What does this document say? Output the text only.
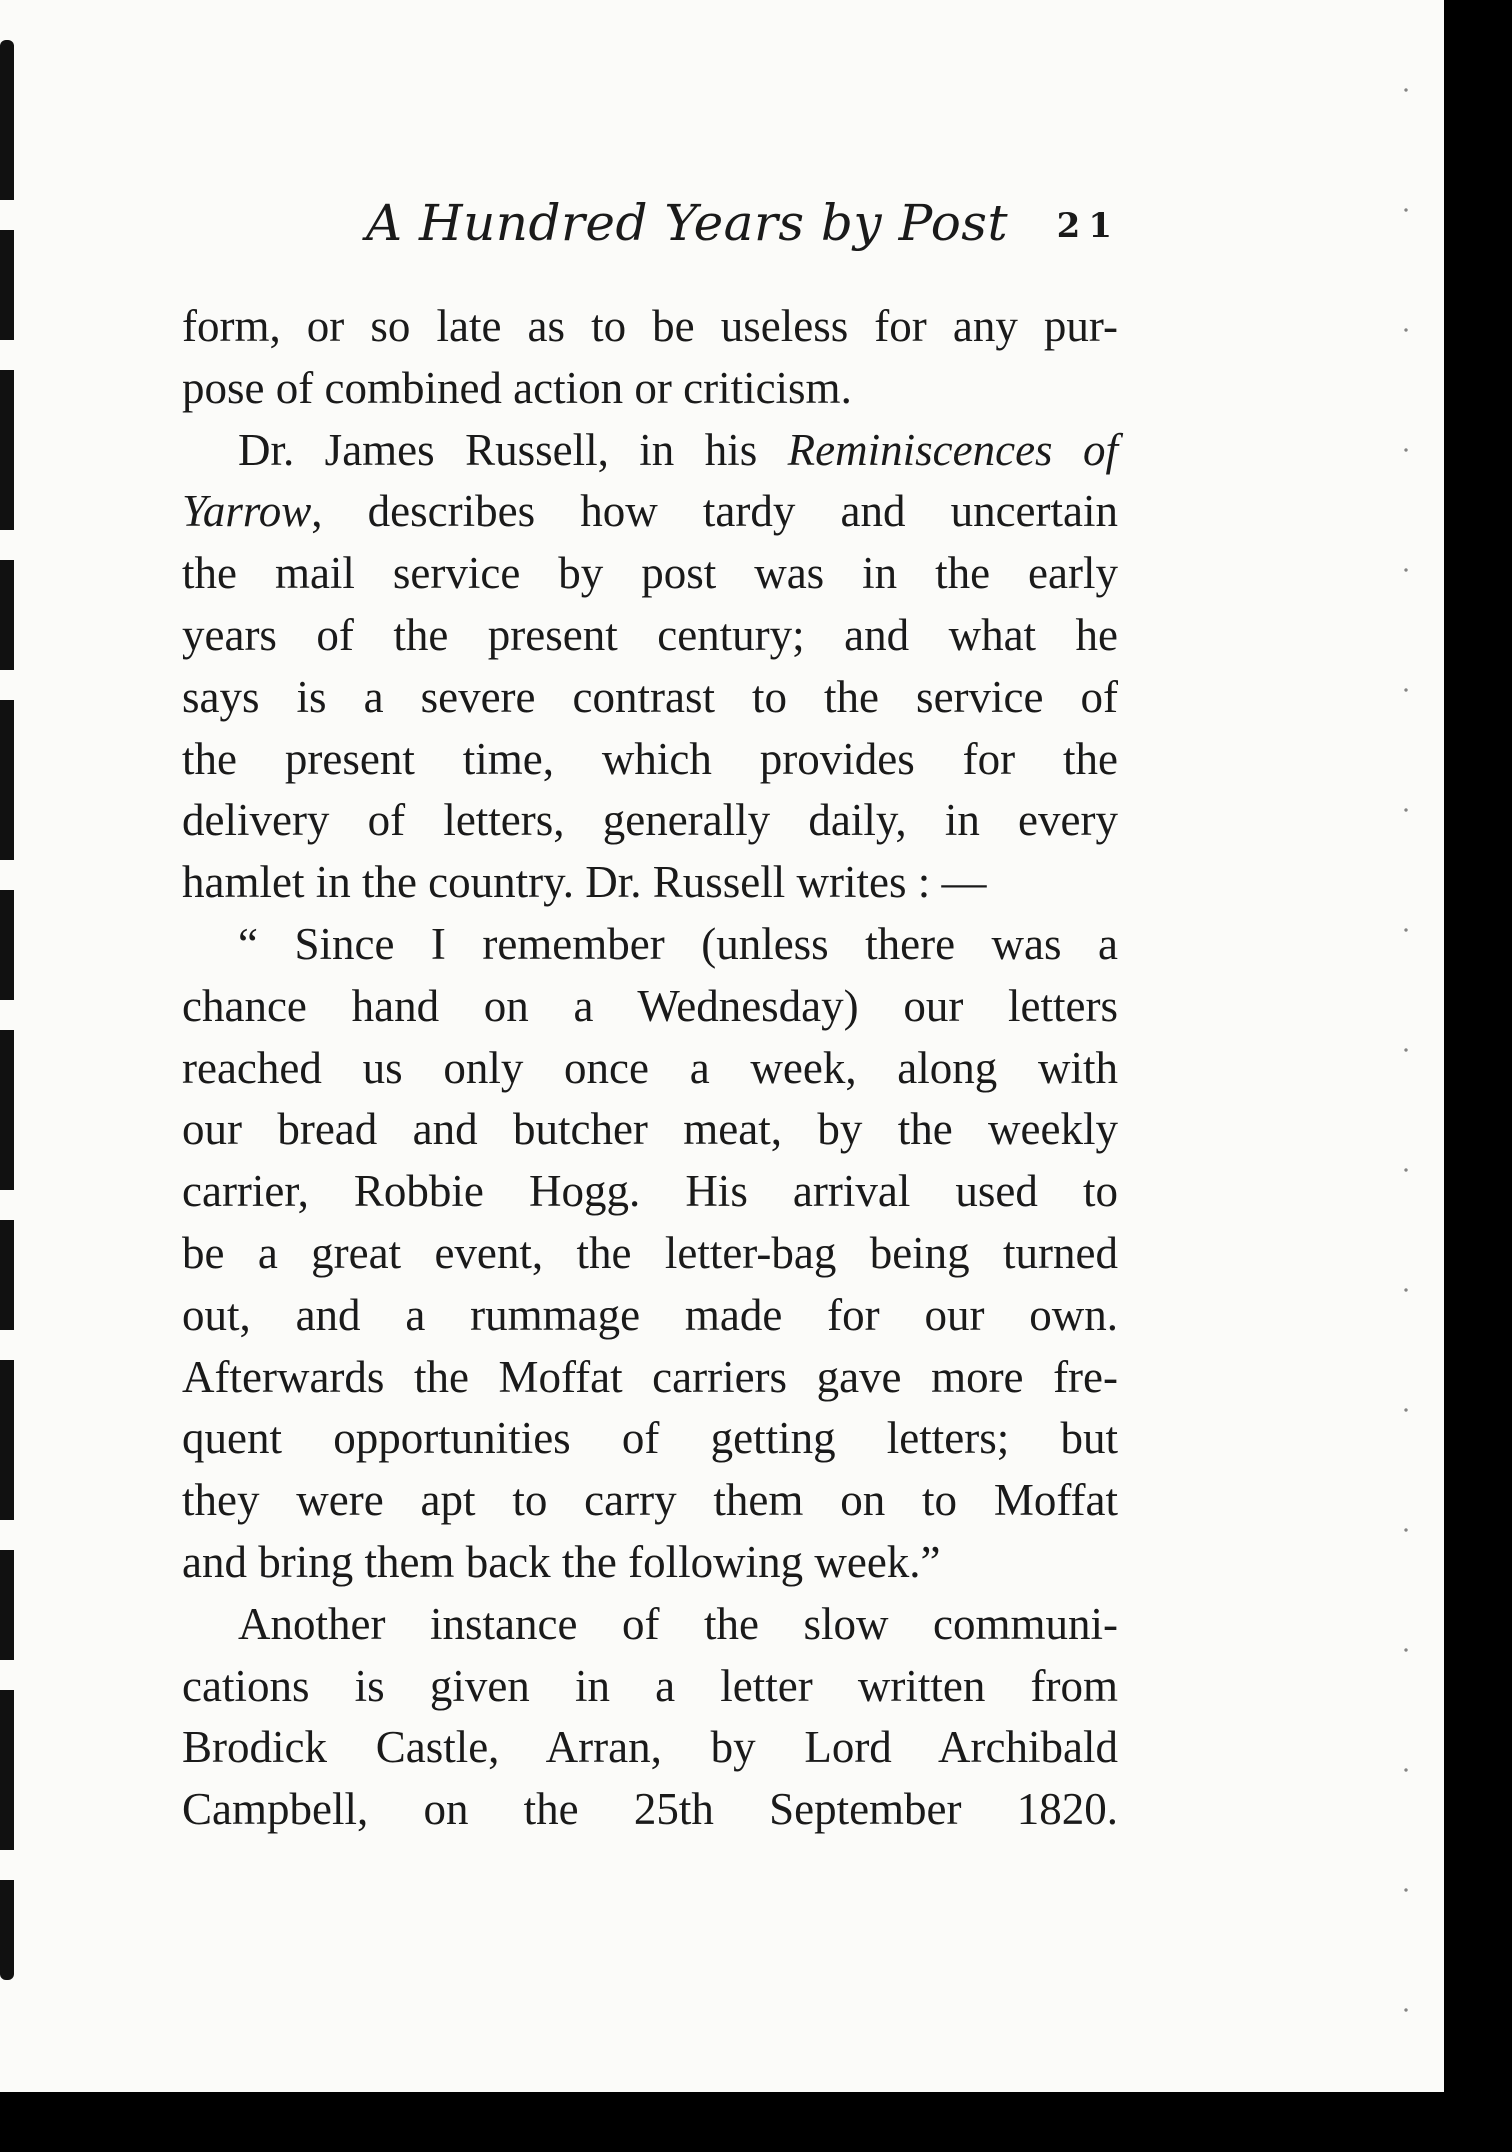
A Hundred Years by Post 21

form, or so late as to be useless for any pur-

pose of combined action or criticism.

Dr. James Russell, in his Reminiscences of

Yarrow, describes how tardy and uncertain

the mail service by post was in the early

years of the present century; and what he

says is a severe contrast to the service of

the present time, which provides for the

delivery of letters, generally daily, in every

hamlet in the country. Dr. Russell writes : —

“ Since I remember (unless there was a

chance hand on a Wednesday) our letters

reached us only once a week, along with

our bread and butcher meat, by the weekly

carrier, Robbie Hogg. His arrival used to

be a great event, the letter-bag being turned

out, and a rummage made for our own.

Afterwards the Moffat carriers gave more fre-

quent opportunities of getting letters; but

they were apt to carry them on to Moffat

and bring them back the following week.”

Another instance of the slow communi-

cations is given in a letter written from

Brodick Castle, Arran, by Lord Archibald

Campbell, on the 25th September 1820.
